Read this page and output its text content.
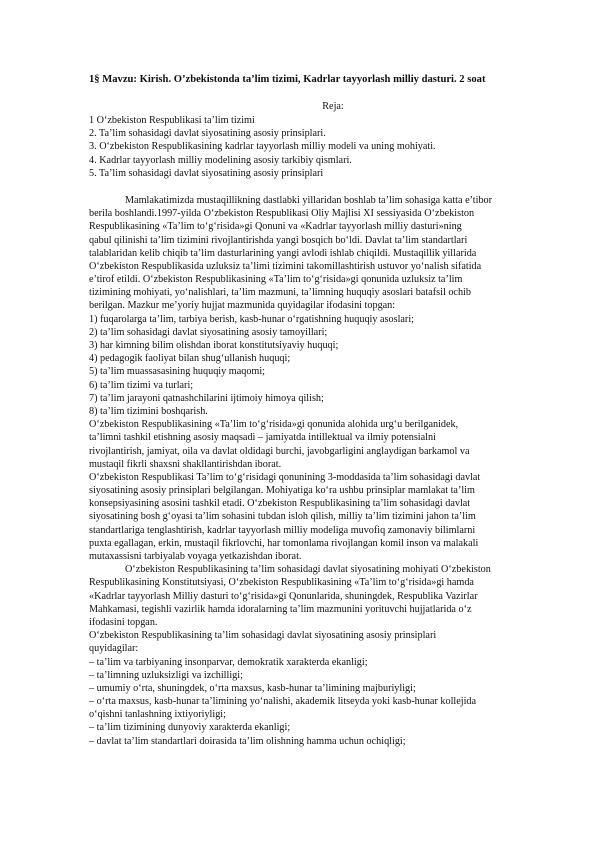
1§ Mavzu: Kirish. O’zbekistonda ta’lim tizimi, Kadrlar tayyorlash milliy dasturi. 2 soat
Reja:
1 O‘zbekiston Respublikasi ta’lim tizimi
2. Ta’lim sohasidagi davlat siyosatining asosiy prinsiplari.
3. O‘zbekiston Respublikasining kadrlar tayyorlash milliy modeli va uning mohiyati.
4. Kadrlar tayyorlash milliy modelining asosiy tarkibiy qismlari.
5. Ta’lim sohasidagi davlat siyosatining asosiy prinsiplari
Mamlakatimizda mustaqillikning dastlabki yillaridan boshlab ta’lim sohasiga katta e’tibor
berila boshlandi.1997-yilda O‘zbekiston Respublikasi Oliy Majlisi XI sessiyasida O‘zbekiston
Respublikasining «Ta’lim to‘g‘risida»gi Qonuni va «Kadrlar tayyorlash milliy dasturi»ning
qabul qilinishi ta’lim tizimini rivojlantirishda yangi bosqich bo‘ldi. Davlat ta’lim standartlari
talablaridan kelib chiqib ta’lim dasturlarining yangi avlodi ishlab chiqildi. Mustaqillik yillarida
O‘zbekiston Respublikasida uzluksiz ta’limi tizimini takomillashtirish ustuvor yo‘nalish sifatida
e’tirof etildi. O‘zbekiston Respublikasining «Ta’lim to‘g‘risida»gi qonunida uzluksiz ta’lim
tizimining mohiyati, yo‘nalishlari, ta’lim mazmuni, ta’limning huquqiy asoslari batafsil ochib
berilgan. Mazkur me’yoriy hujjat mazmunida quyidagilar ifodasini topgan:
1) fuqarolarga ta’lim, tarbiya berish, kasb-hunar o‘rgatishning huquqiy asoslari;
2) ta’lim sohasidagi davlat siyosatining asosiy tamoyillari;
3) har kimning bilim olishdan iborat konstitutsiyaviy huquqi;
4) pedagogik faoliyat bilan shug‘ullanish huquqi;
5) ta’lim muassasasining huquqiy maqomi;
6) ta’lim tizimi va turlari;
7) ta’lim jarayoni qatnashchilarini ijtimoiy himoya qilish;
8) ta’lim tizimini boshqarish.
O‘zbekiston Respublikasining «Ta’lim to‘g‘risida»gi qonunida alohida urg‘u berilganidek,
ta’limni tashkil etishning asosiy maqsadi – jamiyatda intillektual va ilmiy potensialni
rivojlantirish, jamiyat, oila va davlat oldidagi burchi, javobgarligini anglaydigan barkamol va
mustaqil fikrli shaxsni shakllantirishdan iborat.
O‘zbekiston Respublikasi Ta’lim to‘g‘risidagi qonunining 3-moddasida ta’lim sohasidagi davlat
siyosatining asosiy prinsiplari belgilangan. Mohiyatiga ko‘ra ushbu prinsiplar mamlakat ta’lim
konsepsiyasining asosini tashkil etadi. O‘zbekiston Respublikasining ta’lim sohasidagi davlat
siyosatining bosh g‘oyasi ta’lim sohasini tubdan isloh qilish, milliy ta’lim tizimini jahon ta’lim
standartlariga tenglashtirish, kadrlar tayyorlash milliy modeliga muvofiq zamonaviy bilimlarni
puxta egallagan, erkin, mustaqil fikrlovchi, har tomonlama rivojlangan komil inson va malakali
mutaxassisni tarbiyalab voyaga yetkazishdan iborat.
O‘zbekiston Respublikasining ta’lim sohasidagi davlat siyosatining mohiyati O‘zbekiston
Respublikasining Konstitutsiyasi, O‘zbekiston Respublikasining «Ta’lim to‘g‘risida»gi hamda
«Kadrlar tayyorlash Milliy dasturi to‘g‘risida»gi Qonunlarida, shuningdek, Respublika Vazirlar
Mahkamasi, tegishli vazirlik hamda idoralarning ta’lim mazmunini yorituvchi hujjatlarida o‘z
ifodasini topgan.
O‘zbekiston Respublikasining ta’lim sohasidagi davlat siyosatining asosiy prinsiplari
quyidagilar:
– ta’lim va tarbiyaning insonparvar, demokratik xarakterda ekanligi;
– ta’limning uzluksizligi va izchilligi;
– umumiy o‘rta, shuningdek, o‘rta maxsus, kasb-hunar ta’limining majburiyligi;
– o‘rta maxsus, kasb-hunar ta’limining yo‘nalishi, akademik litseyda yoki kasb-hunar kollejida
o‘qishni tanlashning ixtiyoriyligi;
– ta’lim tizimining dunyoviy xarakterda ekanligi;
– davlat ta’lim standartlari doirasida ta’lim olishning hamma uchun ochiqligi;
